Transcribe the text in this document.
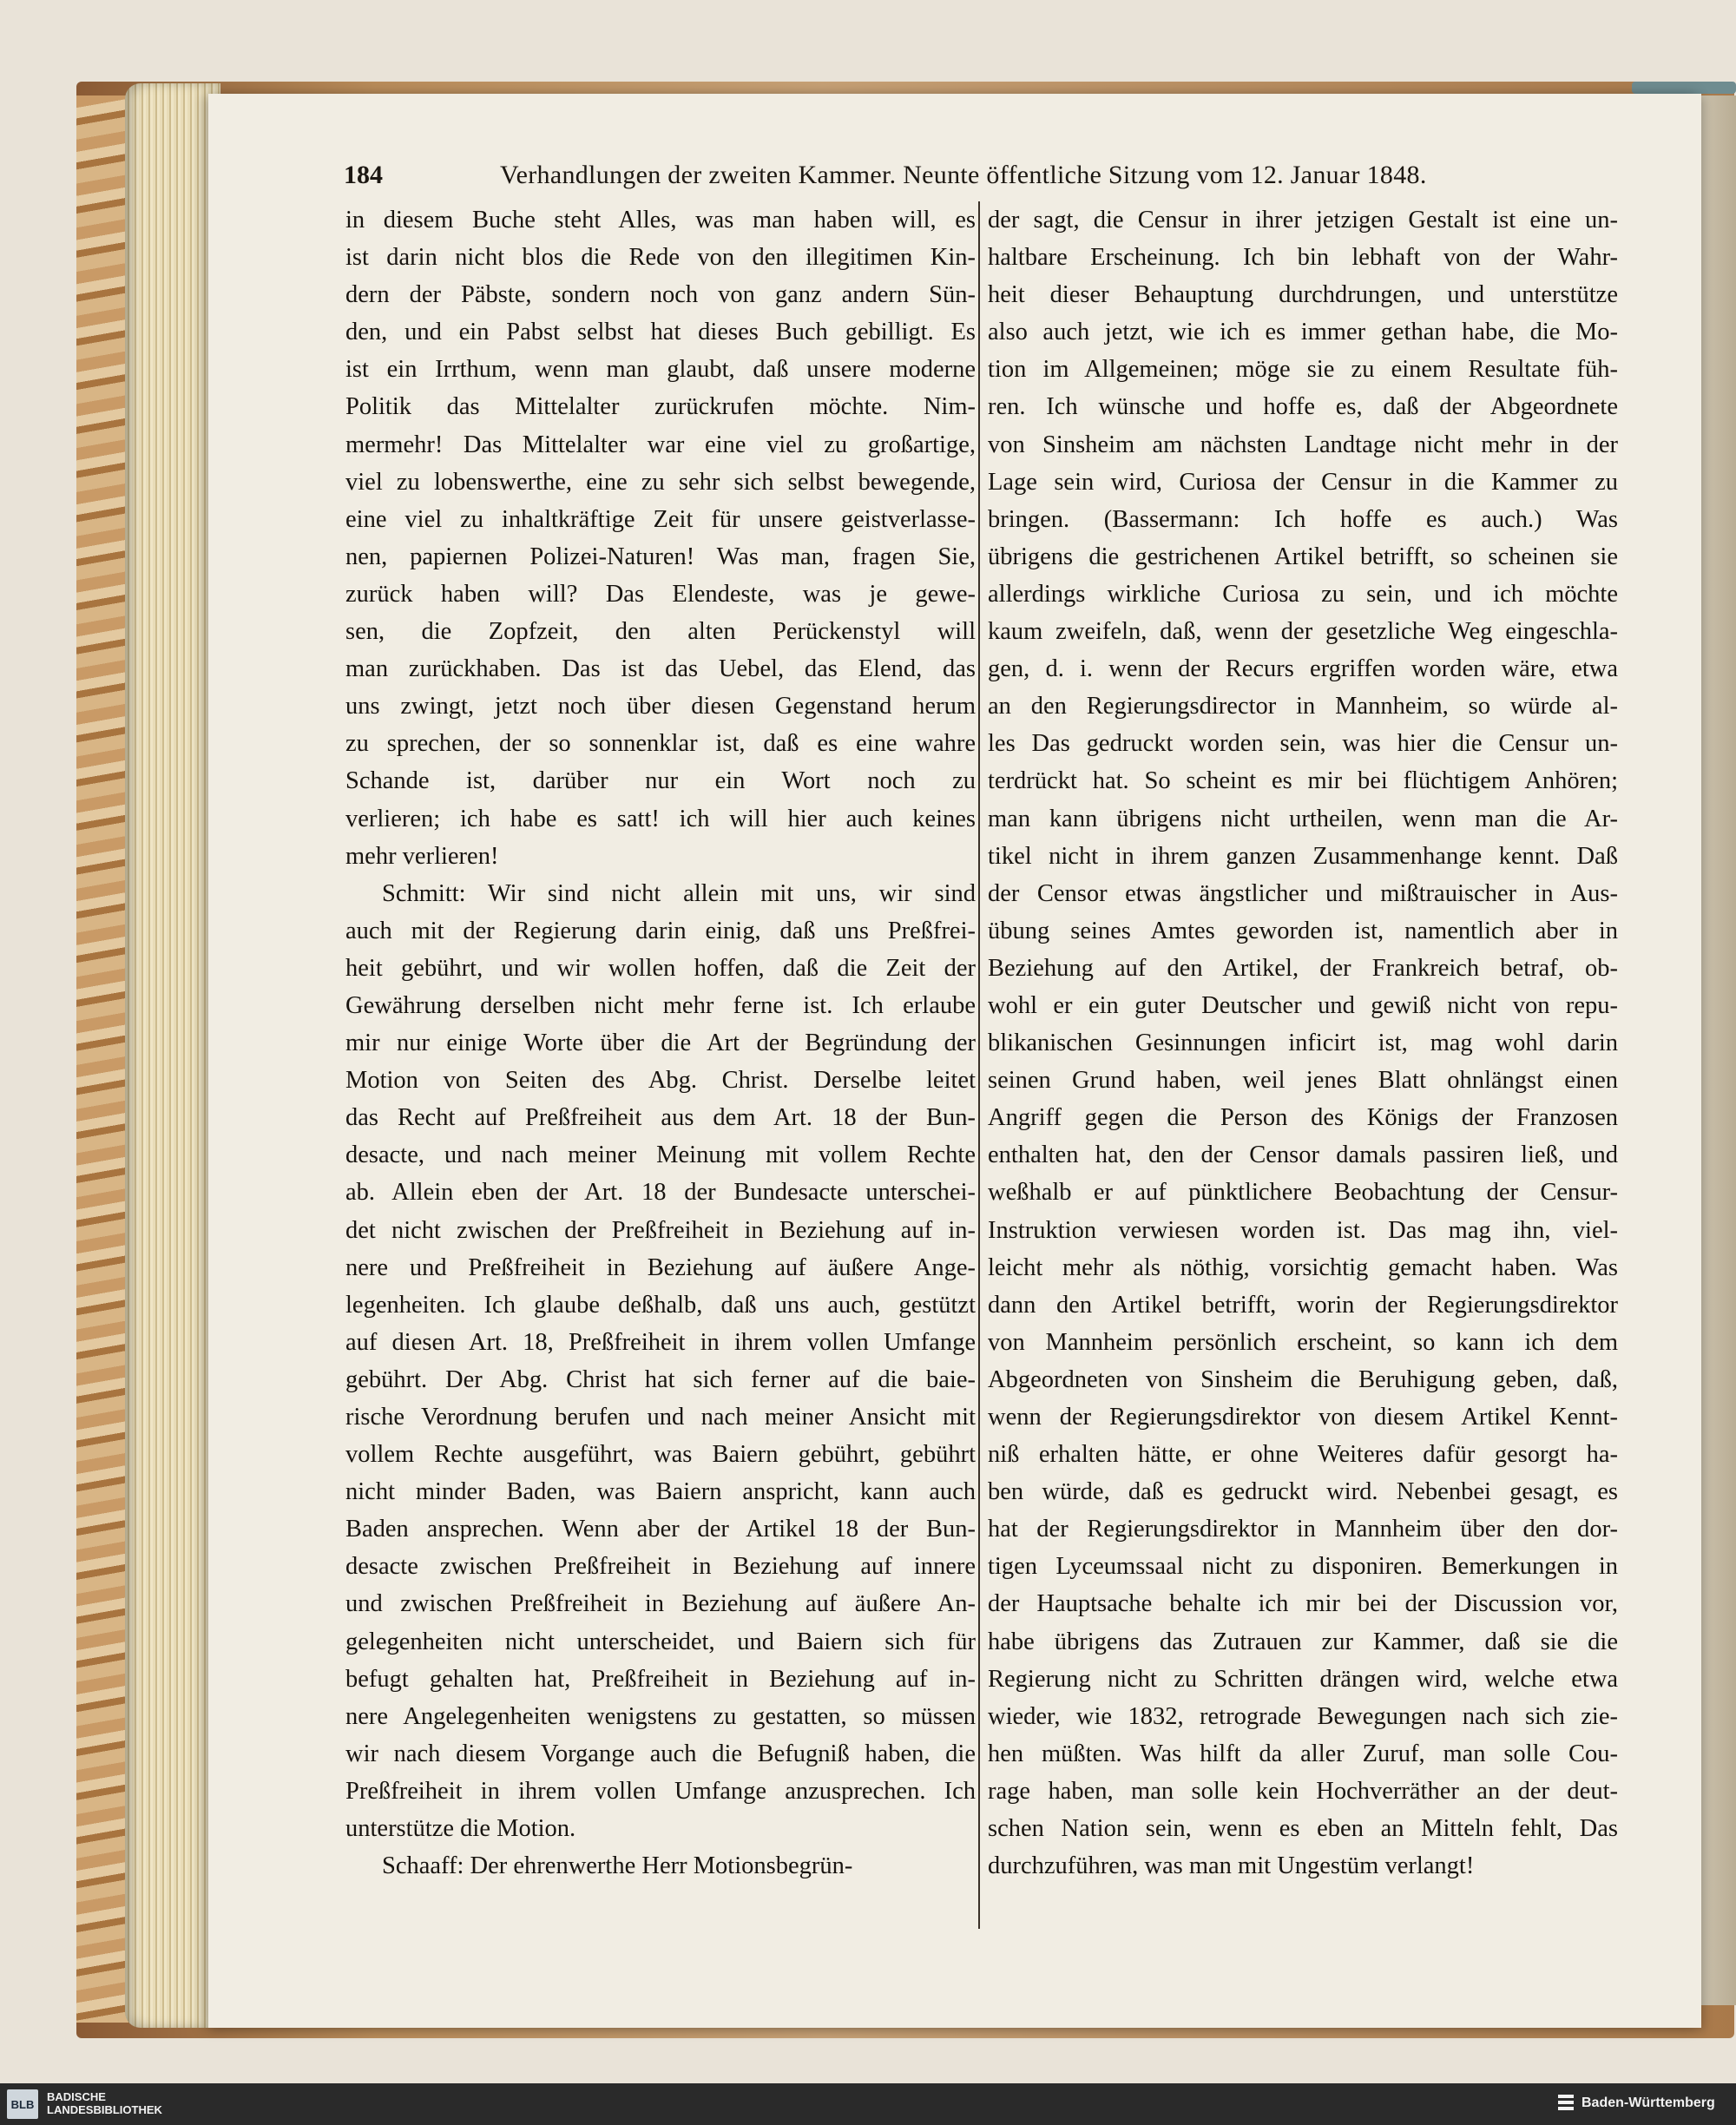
184	Verhandlungen der zweiten Kammer. Neunte öffentliche Sitzung vom 12. Januar 1848.
in diesem Buche steht Alles, was man haben will, es
ist darin nicht blos die Rede von den illegitimen Kin-
dern der Päbste, sondern noch von ganz andern Sün-
den, und ein Pabst selbst hat dieses Buch gebilligt. Es
ist ein Irrthum, wenn man glaubt, daß unsere moderne
Politik das Mittelalter zurückrufen möchte. Nim-
mermehr! Das Mittelalter war eine viel zu großartige,
viel zu lobenswerthe, eine zu sehr sich selbst bewegende,
eine viel zu inhaltkräftige Zeit für unsere geistverlasse-
nen, papiernen Polizei-Naturen! Was man, fragen Sie,
zurück haben will? Das Elendeste, was je gewe-
sen, die Zopfzeit, den alten Perückenstyl will
man zurückhaben. Das ist das Uebel, das Elend, das
uns zwingt, jetzt noch über diesen Gegenstand herum
zu sprechen, der so sonnenklar ist, daß es eine wahre
Schande ist, darüber nur ein Wort noch zu
verlieren; ich habe es satt! ich will hier auch keines
mehr verlieren!
Schmitt: Wir sind nicht allein mit uns, wir sind
auch mit der Regierung darin einig, daß uns Preßfrei-
heit gebührt, und wir wollen hoffen, daß die Zeit der
Gewährung derselben nicht mehr ferne ist. Ich erlaube
mir nur einige Worte über die Art der Begründung der
Motion von Seiten des Abg. Christ. Derselbe leitet
das Recht auf Preßfreiheit aus dem Art. 18 der Bun-
desacte, und nach meiner Meinung mit vollem Rechte
ab. Allein eben der Art. 18 der Bundesacte unterschei-
det nicht zwischen der Preßfreiheit in Beziehung auf in-
nere und Preßfreiheit in Beziehung auf äußere Ange-
legenheiten. Ich glaube deßhalb, daß uns auch, gestützt
auf diesen Art. 18, Preßfreiheit in ihrem vollen Umfange
gebührt. Der Abg. Christ hat sich ferner auf die baie-
rische Verordnung berufen und nach meiner Ansicht mit
vollem Rechte ausgeführt, was Baiern gebührt, gebührt
nicht minder Baden, was Baiern anspricht, kann auch
Baden ansprechen. Wenn aber der Artikel 18 der Bun-
desacte zwischen Preßfreiheit in Beziehung auf innere
und zwischen Preßfreiheit in Beziehung auf äußere An-
gelegenheiten nicht unterscheidet, und Baiern sich für
befugt gehalten hat, Preßfreiheit in Beziehung auf in-
nere Angelegenheiten wenigstens zu gestatten, so müssen
wir nach diesem Vorgange auch die Befugniß haben, die
Preßfreiheit in ihrem vollen Umfange anzusprechen. Ich
unterstütze die Motion.
Schaaff: Der ehrenwerthe Herr Motionsbegrün-
der sagt, die Censur in ihrer jetzigen Gestalt ist eine un-
haltbare Erscheinung. Ich bin lebhaft von der Wahr-
heit dieser Behauptung durchdrungen, und unterstütze
also auch jetzt, wie ich es immer gethan habe, die Mo-
tion im Allgemeinen; möge sie zu einem Resultate füh-
ren. Ich wünsche und hoffe es, daß der Abgeordnete
von Sinsheim am nächsten Landtage nicht mehr in der
Lage sein wird, Curiosa der Censur in die Kammer zu
bringen. (Bassermann: Ich hoffe es auch.) Was
übrigens die gestrichenen Artikel betrifft, so scheinen sie
allerdings wirkliche Curiosa zu sein, und ich möchte
kaum zweifeln, daß, wenn der gesetzliche Weg eingeschla-
gen, d. i. wenn der Recurs ergriffen worden wäre, etwa
an den Regierungsdirector in Mannheim, so würde al-
les Das gedruckt worden sein, was hier die Censur un-
terdrückt hat. So scheint es mir bei flüchtigem Anhören;
man kann übrigens nicht urtheilen, wenn man die Ar-
tikel nicht in ihrem ganzen Zusammenhange kennt. Daß
der Censor etwas ängstlicher und mißtrauischer in Aus-
übung seines Amtes geworden ist, namentlich aber in
Beziehung auf den Artikel, der Frankreich betraf, ob-
wohl er ein guter Deutscher und gewiß nicht von repu-
blikanischen Gesinnungen inficirt ist, mag wohl darin
seinen Grund haben, weil jenes Blatt ohnlängst einen
Angriff gegen die Person des Königs der Franzosen
enthalten hat, den der Censor damals passiren ließ, und
weßhalb er auf pünktlichere Beobachtung der Censur-
Instruktion verwiesen worden ist. Das mag ihn, viel-
leicht mehr als nöthig, vorsichtig gemacht haben. Was
dann den Artikel betrifft, worin der Regierungsdirektor
von Mannheim persönlich erscheint, so kann ich dem
Abgeordneten von Sinsheim die Beruhigung geben, daß,
wenn der Regierungsdirektor von diesem Artikel Kennt-
niß erhalten hätte, er ohne Weiteres dafür gesorgt ha-
ben würde, daß es gedruckt wird. Nebenbei gesagt, es
hat der Regierungsdirektor in Mannheim über den dor-
tigen Lyceumssaal nicht zu disponiren. Bemerkungen in
der Hauptsache behalte ich mir bei der Discussion vor,
habe übrigens das Zutrauen zur Kammer, daß sie die
Regierung nicht zu Schritten drängen wird, welche etwa
wieder, wie 1832, retrograde Bewegungen nach sich zie-
hen müßten. Was hilft da aller Zuruf, man solle Cou-
rage haben, man solle kein Hochverräther an der deut-
schen Nation sein, wenn es eben an Mitteln fehlt, Das
durchzuführen, was man mit Ungestüm verlangt!
BLB
BADISCHE
LANDESBIBLIOTHEK	Baden-Württemberg
